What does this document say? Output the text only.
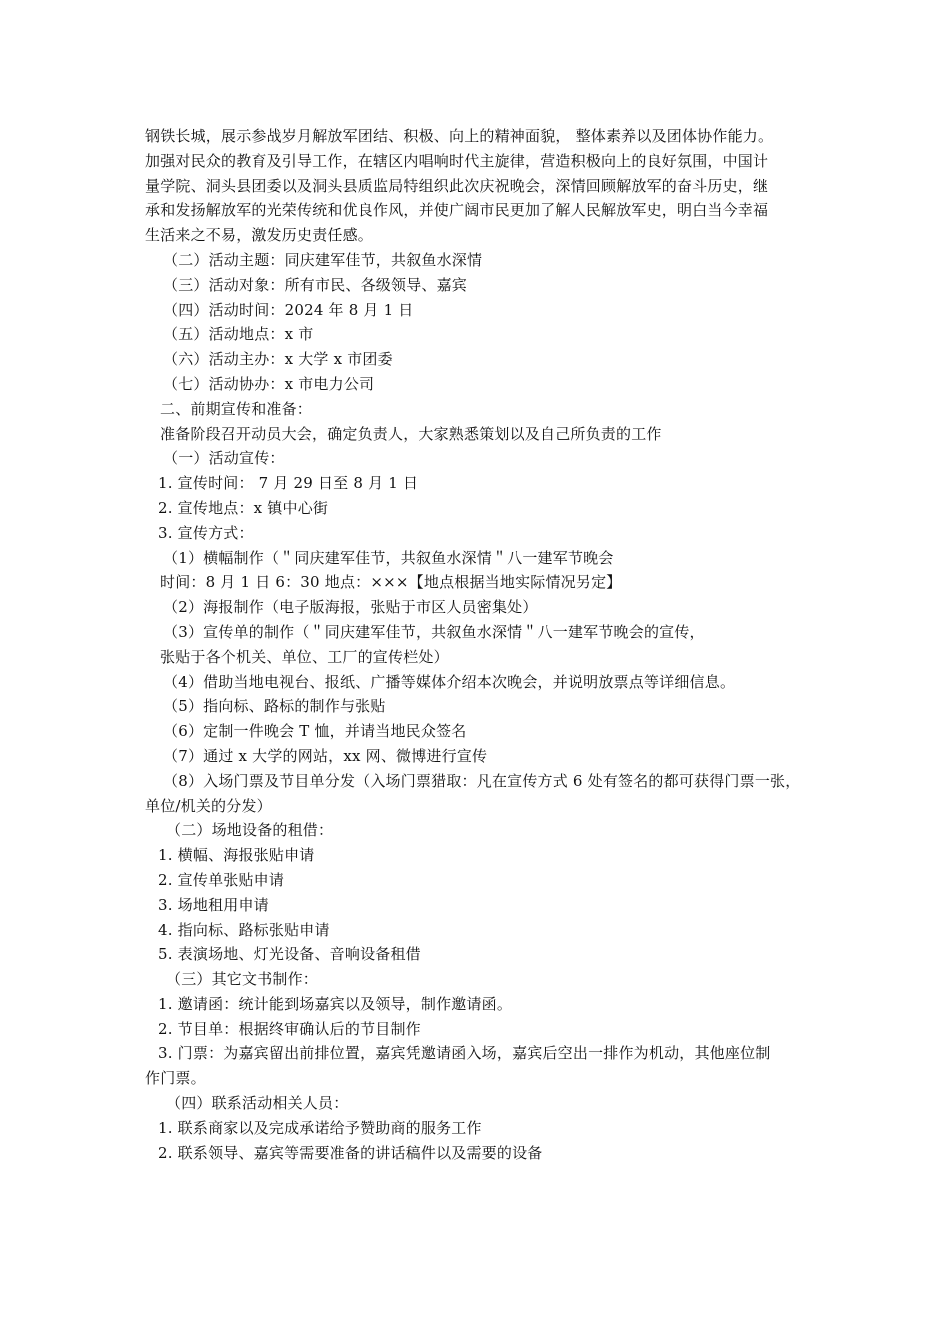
钢铁长城，展示参战岁月解放军团结、积极、向上的精神面貌， 整体素养以及团体协作能力。
加强对民众的教育及引导工作，在辖区内唱响时代主旋律，营造积极向上的良好氛围，中国计
量学院、洞头县团委以及洞头县质监局特组织此次庆祝晚会，深情回顾解放军的奋斗历史，继
承和发扬解放军的光荣传统和优良作风，并使广阔市民更加了解人民解放军史，明白当今幸福
生活来之不易，激发历史责任感。
（二）活动主题：同庆建军佳节，共叙鱼水深情
（三）活动对象：所有市民、各级领导、嘉宾
（四）活动时间：2024 年 8 月 1 日
（五）活动地点：x 市
（六）活动主办：x 大学 x 市团委
（七）活动协办：x 市电力公司
二、前期宣传和准备：
准备阶段召开动员大会，确定负责人，大家熟悉策划以及自己所负责的工作
（一）活动宣传：
1. 宣传时间： 7 月 29 日至 8 月 1 日
2. 宣传地点：x 镇中心街
3. 宣传方式：
（1）横幅制作（＂同庆建军佳节，共叙鱼水深情＂八一建军节晚会
时间：8 月 1 日 6：30 地点：×××【地点根据当地实际情况另定】
（2）海报制作（电子版海报，张贴于市区人员密集处）
（3）宣传单的制作（＂同庆建军佳节，共叙鱼水深情＂八一建军节晚会的宣传，
张贴于各个机关、单位、工厂的宣传栏处）
（4）借助当地电视台、报纸、广播等媒体介绍本次晚会，并说明放票点等详细信息。
（5）指向标、路标的制作与张贴
（6）定制一件晚会 T 恤，并请当地民众签名
（7）通过 x 大学的网站，xx 网、微博进行宣传
（8）入场门票及节目单分发（入场门票猎取：凡在宣传方式 6 处有签名的都可获得门票一张，
单位/机关的分发）
（二）场地设备的租借：
1. 横幅、海报张贴申请
2. 宣传单张贴申请
3. 场地租用申请
4. 指向标、路标张贴申请
5. 表演场地、灯光设备、音响设备租借
（三）其它文书制作：
1. 邀请函：统计能到场嘉宾以及领导，制作邀请函。
2. 节目单：根据终审确认后的节目制作
3. 门票：为嘉宾留出前排位置，嘉宾凭邀请函入场，嘉宾后空出一排作为机动，其他座位制
作门票。
（四）联系活动相关人员：
1. 联系商家以及完成承诺给予赞助商的服务工作
2. 联系领导、嘉宾等需要准备的讲话稿件以及需要的设备
